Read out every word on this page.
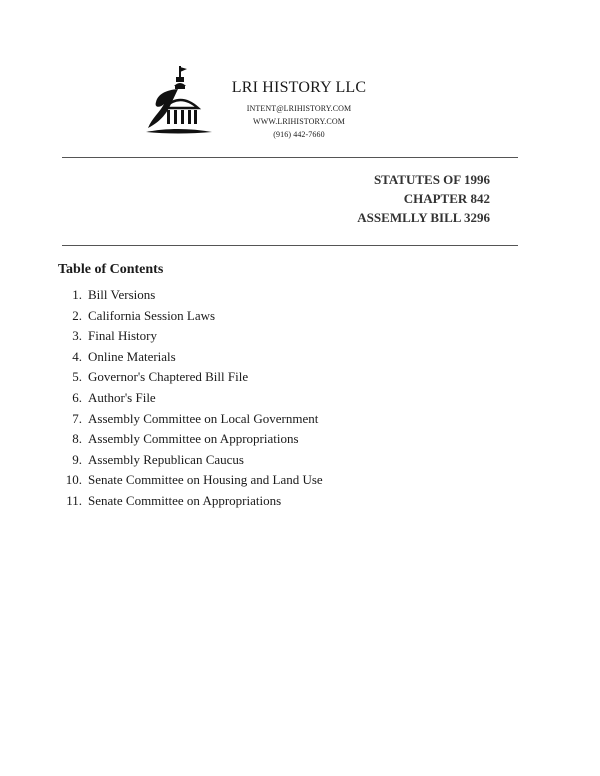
LRI HISTORY LLC
INTENT@LRIHISTORY.COM
WWW.LRIHISTORY.COM
(916) 442-7660
STATUTES OF 1996
CHAPTER 842
ASSEMLLY BILL 3296
Table of Contents
1. Bill Versions
2. California Session Laws
3. Final History
4. Online Materials
5. Governor's Chaptered Bill File
6. Author's File
7. Assembly Committee on Local Government
8. Assembly Committee on Appropriations
9. Assembly Republican Caucus
10. Senate Committee on Housing and Land Use
11. Senate Committee on Appropriations
